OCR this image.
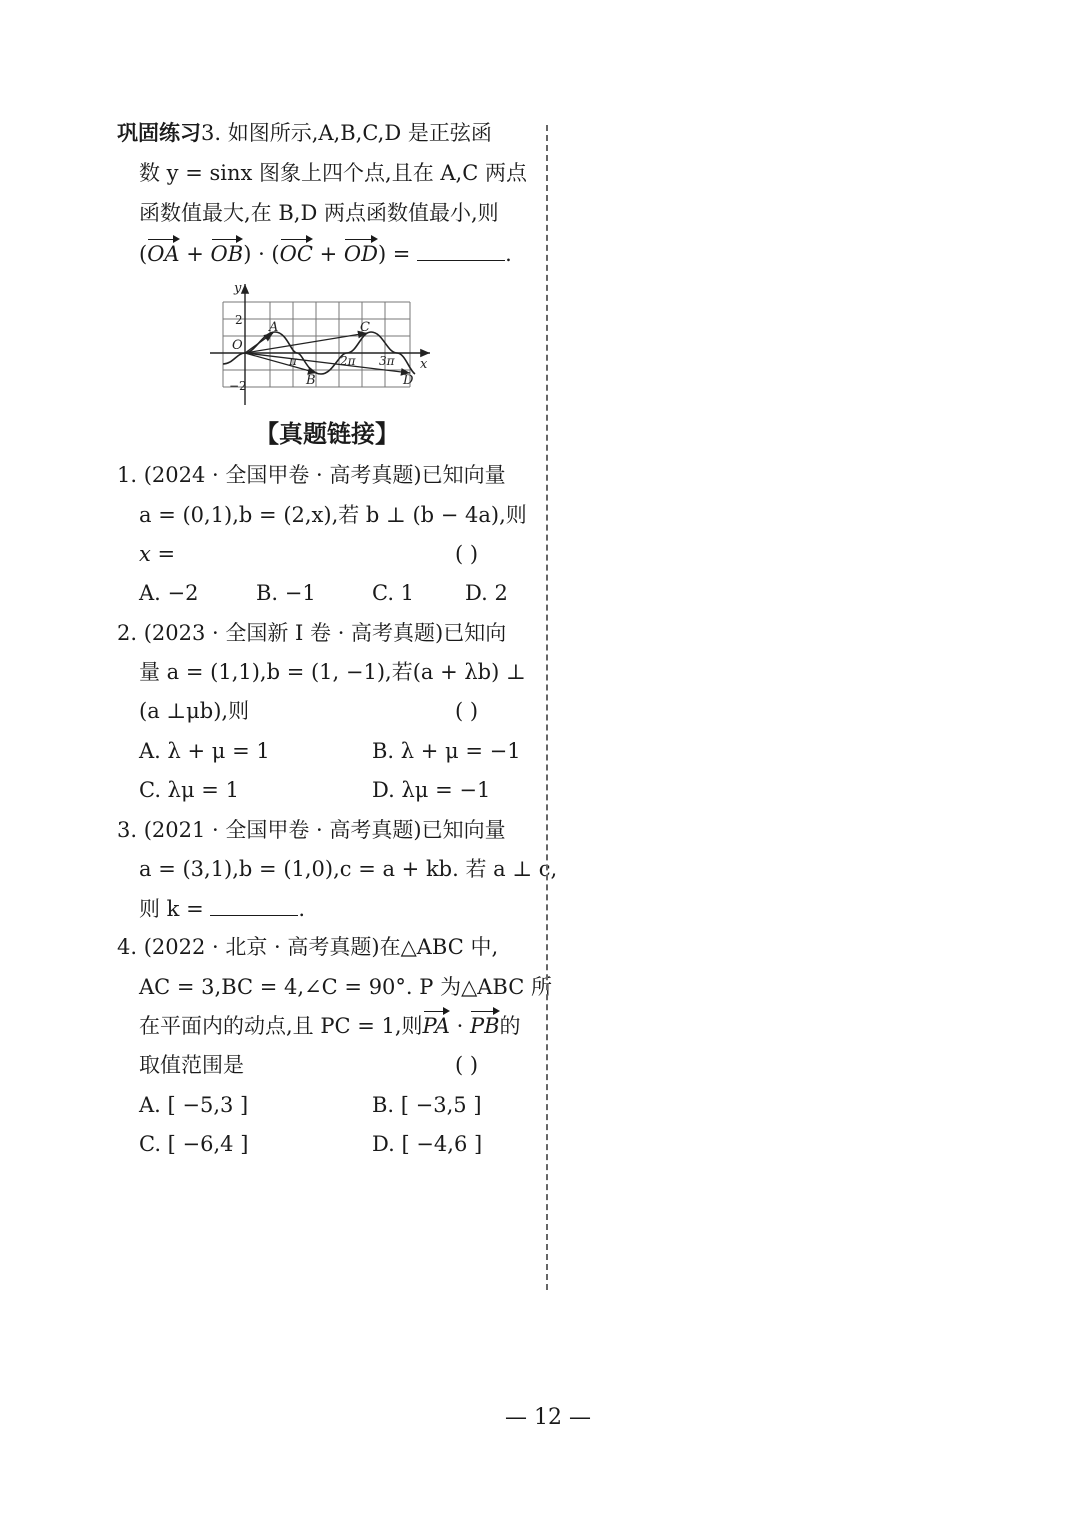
巩固练习3. 如图所示,A,B,C,D 是正弦函
数 y = sinx 图象上四个点,且在 A,C 两点
函数值最大,在 B,D 两点函数值最小,则
(OA + OB) · (OC + OD) =	.
y
x
O
A
B
C
D
2
−2
π	2π 3π
【真题链接】
1. (2024 · 全国甲卷 · 高考真题)已知向量
a = (0,1),b = (2,x),若 b ⊥ (b − 4a),则
x =	( )
A. −2	B. −1	C. 1 D. 2
2. (2023 · 全国新 Ⅰ 卷 · 高考真题)已知向
量 a = (1,1),b = (1, −1),若(a + λb) ⊥
(a ⊥μb),则	( )
A. λ + μ = 1	B. λ + μ = −1
C. λμ = 1	D. λμ = −1
3. (2021 · 全国甲卷 · 高考真题)已知向量
a = (3,1),b = (1,0),c = a + kb. 若 a ⊥ c,
则 k =	.
4. (2022 · 北京 · 高考真题)在△ABC 中,
AC = 3,BC = 4,∠C = 90°. P 为△ABC 所
在平面内的动点,且 PC = 1,则PA · PB的
取值范围是	( )
A. [ −5,3 ]	B. [ −3,5 ]
C. [ −6,4 ]	D. [ −4,6 ]
— 12 —
